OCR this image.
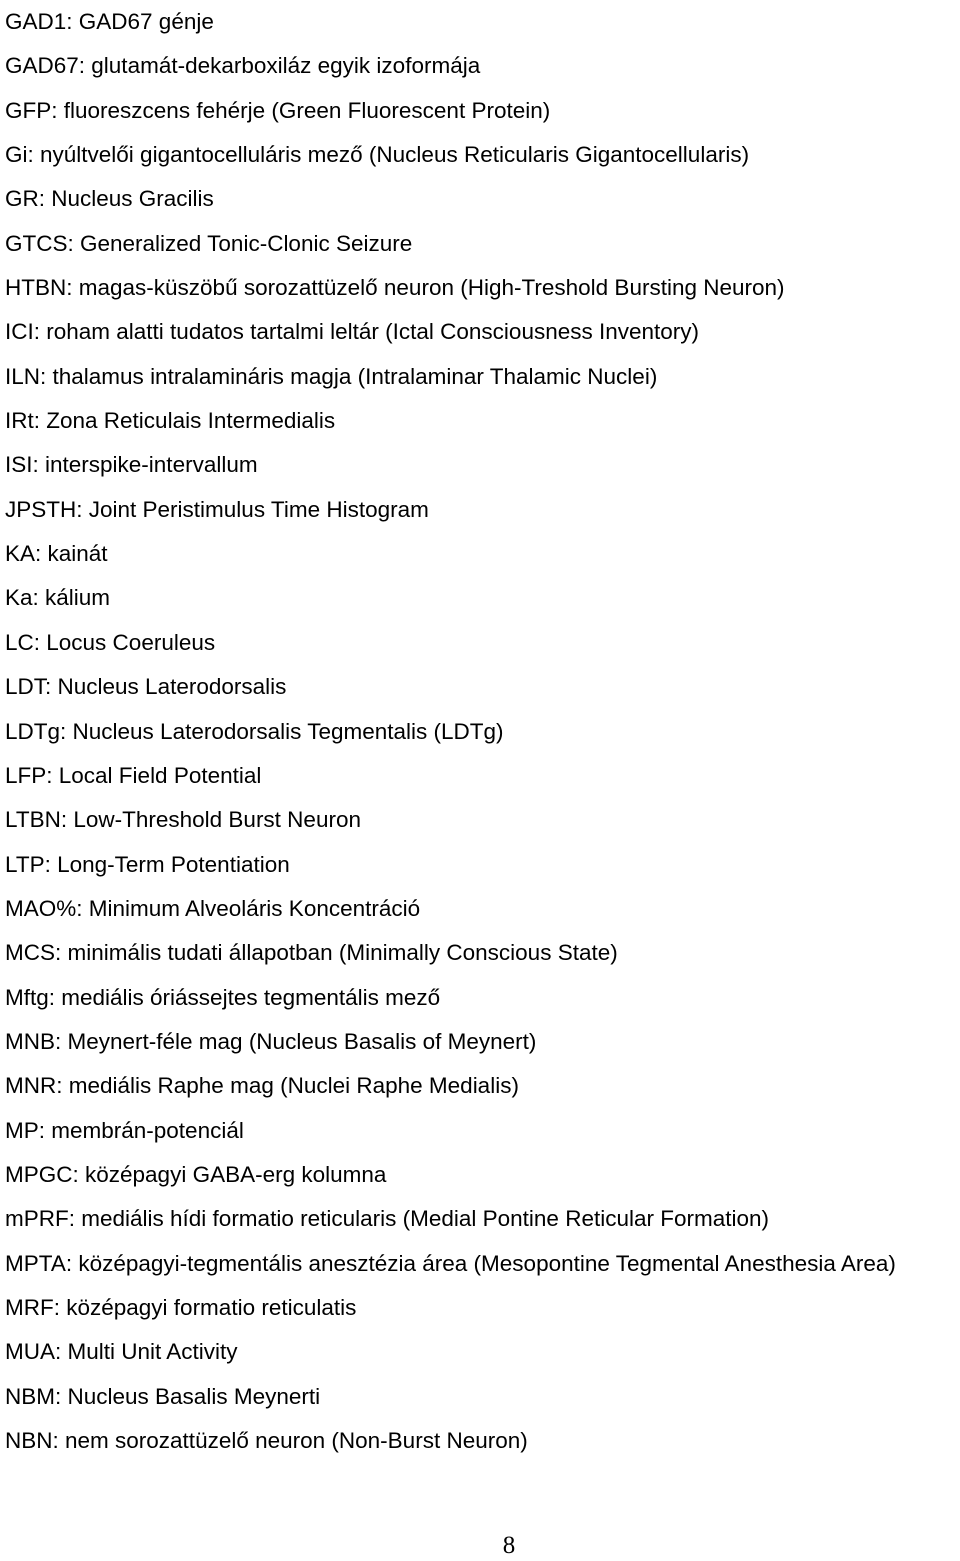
GAD1: GAD67 génje
GAD67: glutamát-dekarboxiláz egyik izoformája
GFP: fluoreszcens fehérje (Green Fluorescent Protein)
Gi: nyúltvelői gigantocelluláris mező (Nucleus Reticularis Gigantocellularis)
GR: Nucleus Gracilis
GTCS: Generalized Tonic-Clonic Seizure
HTBN: magas-küszöbű sorozattüzelő neuron (High-Treshold Bursting Neuron)
ICI: roham alatti tudatos tartalmi leltár (Ictal Consciousness Inventory)
ILN: thalamus intralamináris magja (Intralaminar Thalamic Nuclei)
IRt: Zona Reticulais Intermedialis
ISI: interspike-intervallum
JPSTH: Joint Peristimulus Time Histogram
KA: kainát
Ka: kálium
LC: Locus Coeruleus
LDT: Nucleus Laterodorsalis
LDTg: Nucleus Laterodorsalis Tegmentalis (LDTg)
LFP: Local Field Potential
LTBN: Low-Threshold Burst Neuron
LTP: Long-Term Potentiation
MAO%: Minimum Alveoláris Koncentráció
MCS: minimális tudati állapotban (Minimally Conscious State)
Mftg: mediális óriássejtes tegmentális mező
MNB: Meynert-féle mag (Nucleus Basalis of Meynert)
MNR: mediális Raphe mag (Nuclei Raphe Medialis)
MP: membrán-potenciál
MPGC: középagyi GABA-erg kolumna
mPRF: mediális hídi formatio reticularis (Medial Pontine Reticular Formation)
MPTA: középagyi-tegmentális anesztézia área (Mesopontine Tegmental Anesthesia Area)
MRF: középagyi formatio reticulatis
MUA: Multi Unit Activity
NBM: Nucleus Basalis Meynerti
NBN: nem sorozattüzelő neuron (Non-Burst Neuron)
8
